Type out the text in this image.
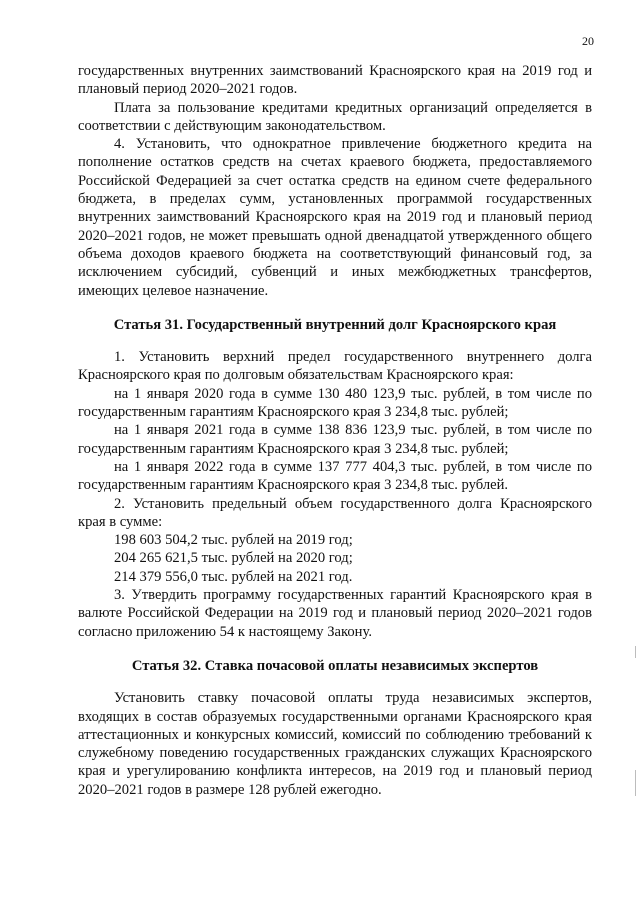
20

государственных внутренних заимствований Красноярского края на 2019 год и плановый период 2020–2021 годов.

Плата за пользование кредитами кредитных организаций определяется в соответствии с действующим законодательством.

4. Установить, что однократное привлечение бюджетного кредита на пополнение остатков средств на счетах краевого бюджета, предоставляемого Российской Федерацией за счет остатка средств на едином счете федерального бюджета, в пределах сумм, установленных программой государственных внутренних заимствований Красноярского края на 2019 год и плановый период 2020–2021 годов, не может превышать одной двенадцатой утвержденного общего объема доходов краевого бюджета на соответствующий финансовый год, за исключением субсидий, субвенций и иных межбюджетных трансфертов, имеющих целевое назначение.

Статья 31. Государственный внутренний долг Красноярского края

1. Установить верхний предел государственного внутреннего долга Красноярского края по долговым обязательствам Красноярского края:

на 1 января 2020 года в сумме 130 480 123,9 тыс. рублей, в том числе по государственным гарантиям Красноярского края 3 234,8 тыс. рублей;

на 1 января 2021 года в сумме 138 836 123,9 тыс. рублей, в том числе по государственным гарантиям Красноярского края 3 234,8 тыс. рублей;

на 1 января 2022 года в сумме 137 777 404,3 тыс. рублей, в том числе по государственным гарантиям Красноярского края 3 234,8 тыс. рублей.

2. Установить предельный объем государственного долга Красноярского края в сумме:

198 603 504,2 тыс. рублей на 2019 год;

204 265 621,5 тыс. рублей на 2020 год;

214 379 556,0 тыс. рублей на 2021 год.

3. Утвердить программу государственных гарантий Красноярского края в валюте Российской Федерации на 2019 год и плановый период 2020–2021 годов согласно приложению 54 к настоящему Закону.

Статья 32. Ставка почасовой оплаты независимых экспертов

Установить ставку почасовой оплаты труда независимых экспертов, входящих в состав образуемых государственными органами Красноярского края аттестационных и конкурсных комиссий, комиссий по соблюдению требований к служебному поведению государственных гражданских служащих Красноярского края и урегулированию конфликта интересов, на 2019 год и плановый период 2020–2021 годов в размере 128 рублей ежегодно.
